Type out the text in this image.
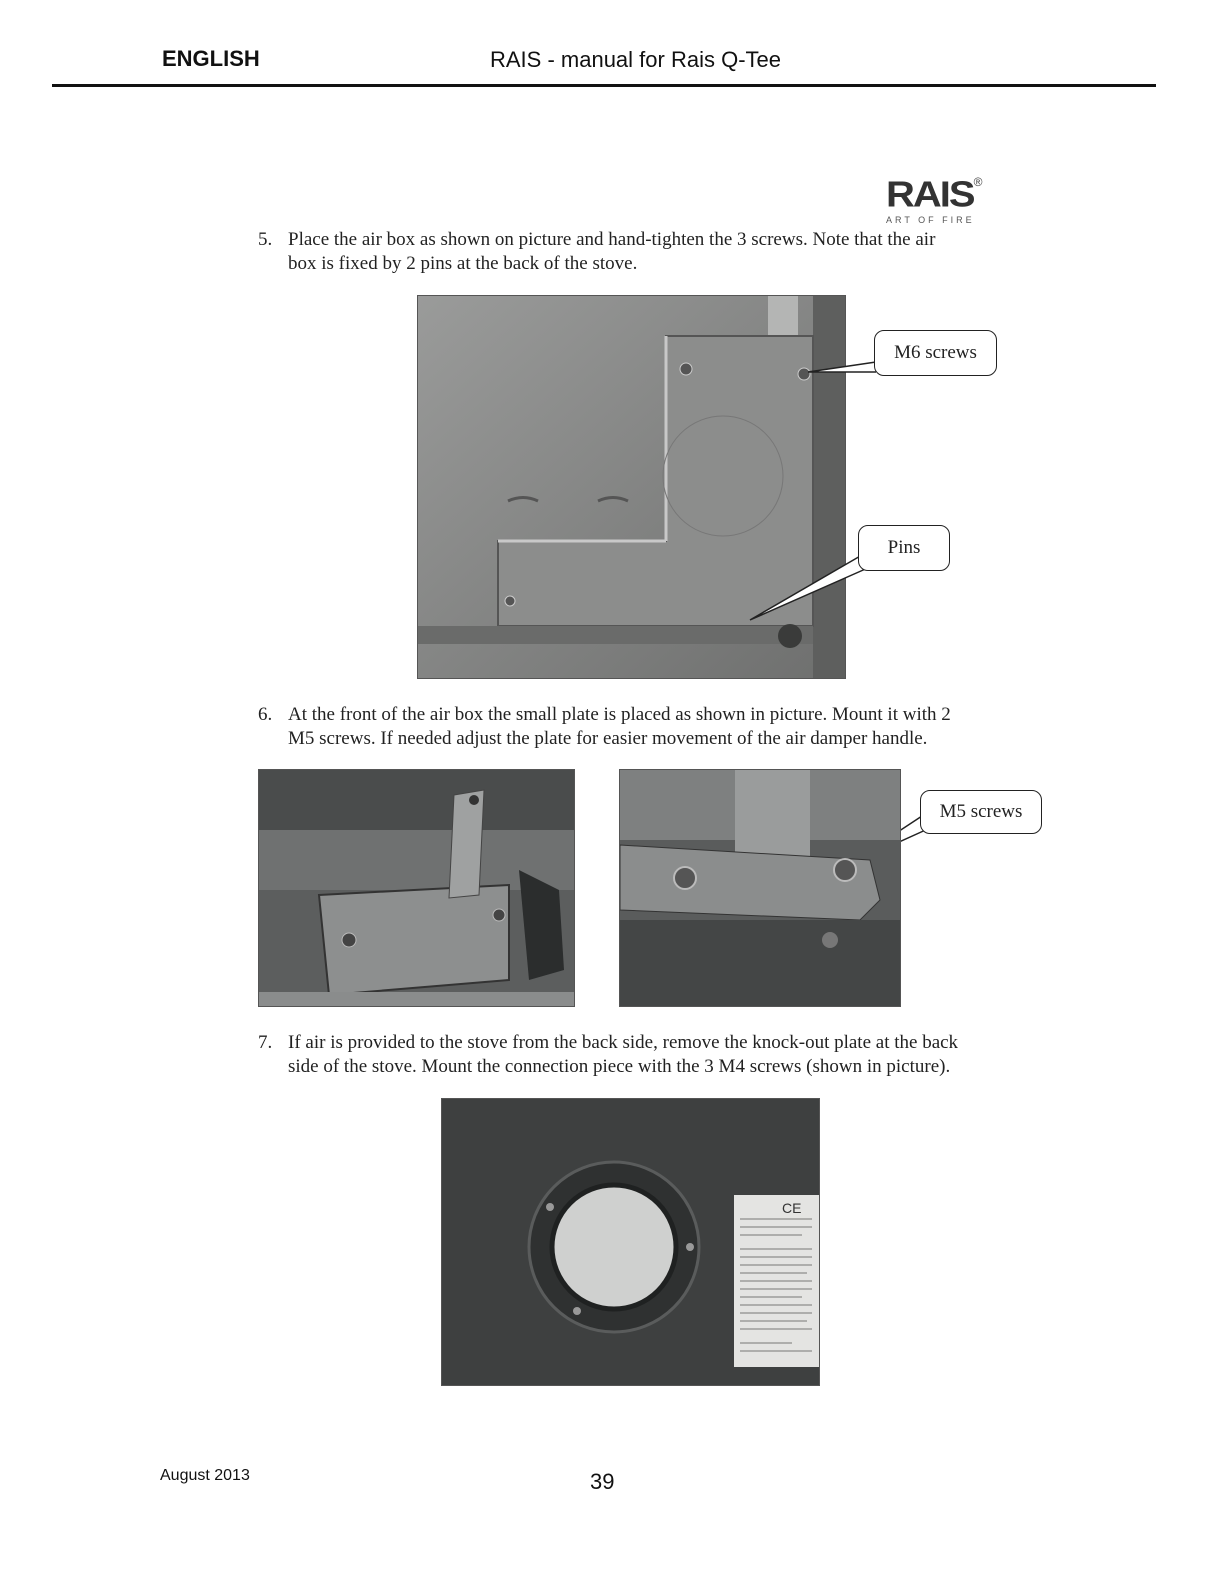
ENGLISH	RAIS - manual for Rais Q-Tee
RAIS®
ART OF FIRE
5. Place the air box as shown on picture and hand-tighten the 3 screws. Note that the air
box is fixed by 2 pins at the back of the stove.
M6 screws
Pins
6. At the front of the air box the small plate is placed as shown in picture. Mount it with 2
M5 screws. If needed adjust the plate for easier movement of the air damper handle.
M5 screws
7. If air is provided to the stove from the back side, remove the knock-out plate at the back
side of the stove. Mount the connection piece with the 3 M4 screws (shown in picture).
CE
August 2013	39
